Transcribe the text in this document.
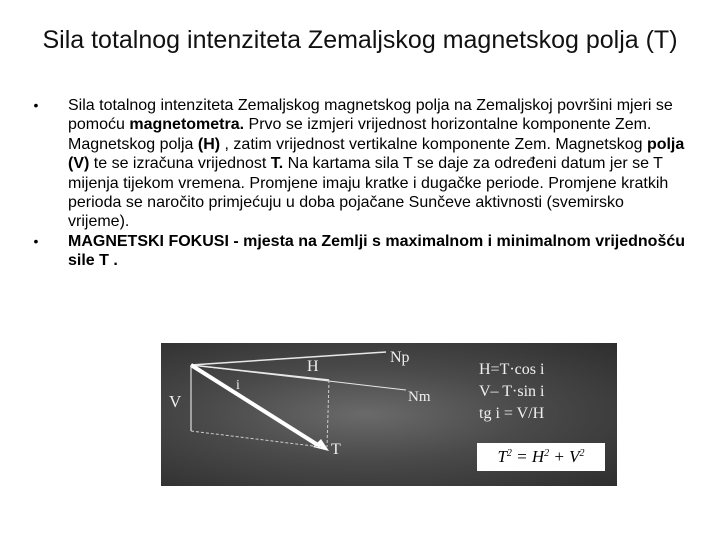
Sila totalnog intenziteta Zemaljskog magnetskog polja (T)
•	Sila totalnog intenziteta Zemaljskog magnetskog polja na Zemaljskoj površini mjeri se pomoću magnetometra. Prvo se izmjeri vrijednost horizontalne komponente Zem. Magnetskog polja (H) , zatim vrijednost vertikalne komponente Zem. Magnetskog polja (V) te se izračuna vrijednost T. Na kartama sila T se daje za određeni datum jer se T mijenja tijekom vremena. Promjene imaju kratke i dugačke periode. Promjene kratkih perioda se naročito primjećuju u doba pojačane Sunčeve aktivnosti (svemirsko vrijeme).
•	MAGNETSKI FOKUSI - mjesta na Zemlji s maximalnom i minimalnom vrijednošću sile T .
Np
H
Nm
i
V
T
H=T·cos i
V– T·sin i
tg i = V/H
$T^2 = H^2 + V^2$
